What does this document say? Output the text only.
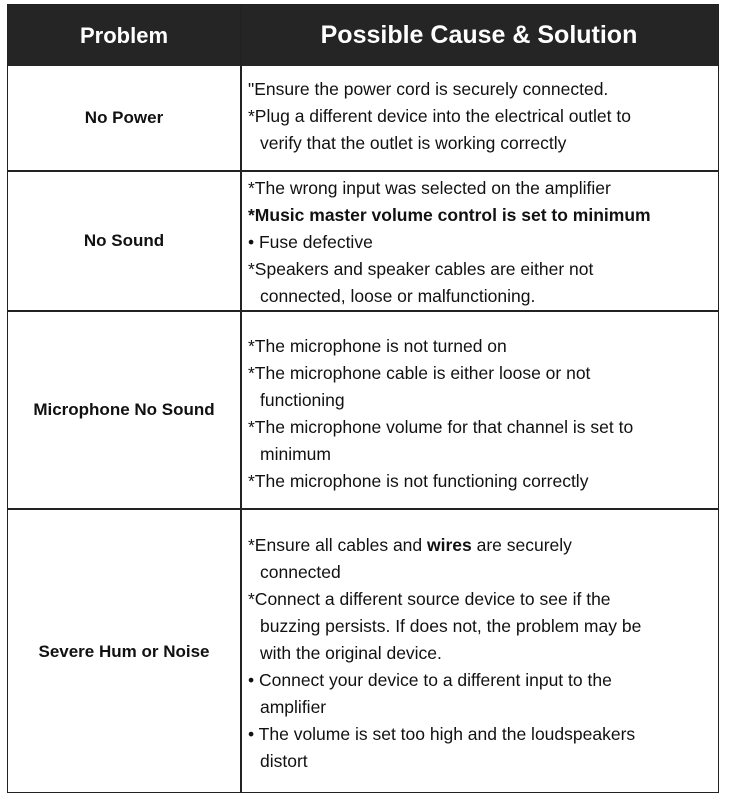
Problem	Possible Cause & Solution
No Power
"Ensure the power cord is securely connected.
*Plug a different device into the electrical outlet to
verify that the outlet is working correctly
No Sound
*The wrong input was selected on the amplifier
*Music master volume control is set to minimum
• Fuse defective
*Speakers and speaker cables are either not
connected, loose or malfunctioning.
Microphone No Sound
*The microphone is not turned on
*The microphone cable is either loose or not
functioning
*The microphone volume for that channel is set to
minimum
*The microphone is not functioning correctly
Severe Hum or Noise
*Ensure all cables and wires are securely
connected
*Connect a different source device to see if the
buzzing persists. If does not, the problem may be
with the original device.
• Connect your device to a different input to the
amplifier
• The volume is set too high and the loudspeakers
distort
